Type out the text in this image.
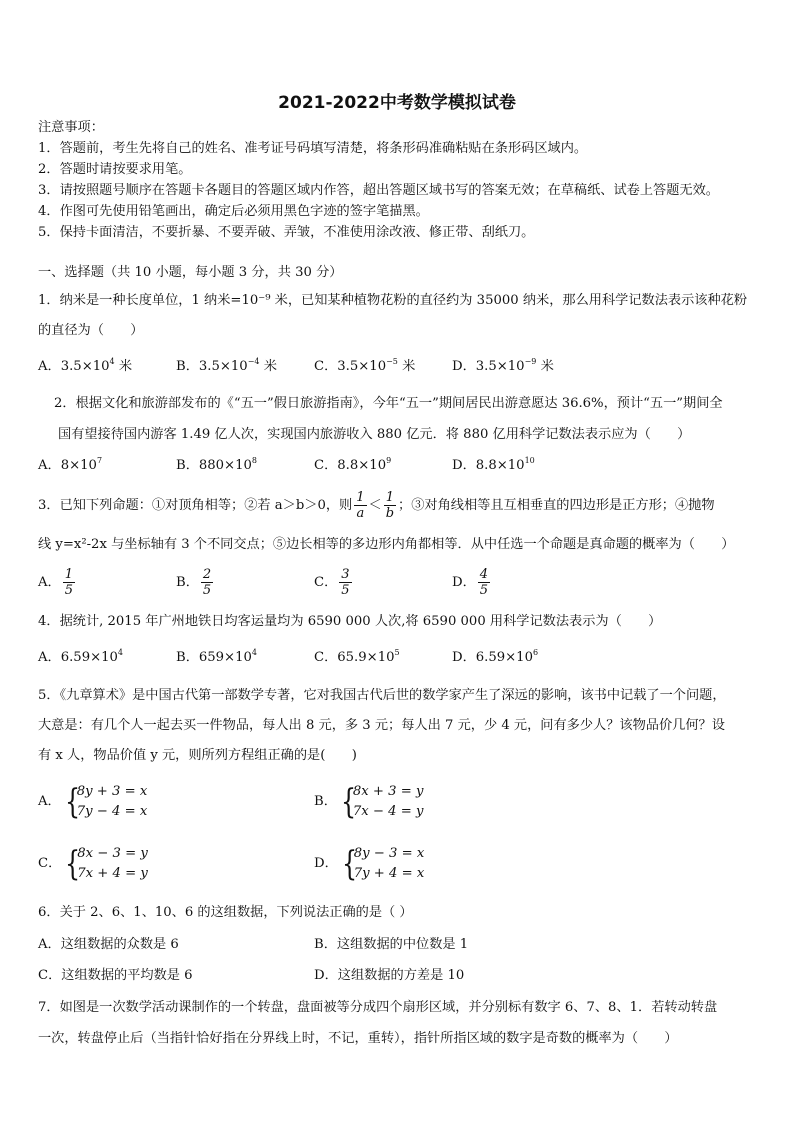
2021-2022中考数学模拟试卷
注意事项：
1．答题前，考生先将自己的姓名、准考证号码填写清楚，将条形码准确粘贴在条形码区域内。
2．答题时请按要求用笔。
3．请按照题号顺序在答题卡各题目的答题区域内作答，超出答题区域书写的答案无效；在草稿纸、试卷上答题无效。
4．作图可先使用铅笔画出，确定后必须用黑色字迹的签字笔描黑。
5．保持卡面清洁，不要折暴、不要弄破、弄皱，不准使用涂改液、修正带、刮纸刀。
一、选择题（共 10 小题，每小题 3 分，共 30 分）
1．纳米是一种长度单位，1 纳米=10⁻⁹ 米，已知某种植物花粉的直径约为 35000 纳米，那么用科学记数法表示该种花粉
的直径为（　　）
A．$3.5\times 10^4$ 米	B．$3.5\times 10^{-4}$ 米	C．$3.5\times 10^{-5}$ 米	D．$3.5\times 10^{-9}$ 米
2．根据文化和旅游部发布的《“五一”假日旅游指南》，今年“五一”期间居民出游意愿达 36.6%，预计“五一”期间全
国有望接待国内游客 1.49 亿人次，实现国内旅游收入 880 亿元．将 880 亿用科学记数法表示应为（　　）
A．$8\times 10^7$	B．$880\times 10^8$	C．$8.8\times 10^9$	D．$8.8\times 10^{10}$
3．已知下列命题：①对顶角相等；②若 a＞b＞0，则 $\frac{1}{a} < \frac{1}{b}$ ；③对角线相等且互相垂直的四边形是正方形；④抛物
线 y=x²-2x 与坐标轴有 3 个不同交点；⑤边长相等的多边形内角都相等．从中任选一个命题是真命题的概率为（　　）
A． $\frac{1}{5}$	B． $\frac{2}{5}$	C． $\frac{3}{5}$	D． $\frac{4}{5}$
4．据统计, 2015 年广州地铁日均客运量均为 6590 000 人次,将 6590 000 用科学记数法表示为（　　）
A．$6.59\times 10^4$	B．$659\times 10^4$	C．$65.9\times 10^5$	D．$6.59\times 10^6$
5．《九章算术》是中国古代第一部数学专著，它对我国古代后世的数学家产生了深远的影响，该书中记载了一个问题，
大意是：有几个人一起去买一件物品，每人出 8 元，多 3 元；每人出 7 元，少 4 元，问有多少人？该物品价几何？设
有 x 人，物品价值 y 元，则所列方程组正确的是(　　)
A． {
8y + 3 = x
7y − 4 = x
B． {
8x + 3 = y
7x − 4 = y
C． {
8x − 3 = y
7x + 4 = y
D． {
8y − 3 = x
7y + 4 = x
6．关于 2、6、1、10、6 的这组数据，下列说法正确的是（ ）
A．这组数据的众数是 6	B．这组数据的中位数是 1
C．这组数据的平均数是 6	D．这组数据的方差是 10
7．如图是一次数学活动课制作的一个转盘，盘面被等分成四个扇形区域，并分别标有数字 6、7、8、1．若转动转盘
一次，转盘停止后（当指针恰好指在分界线上时，不记，重转），指针所指区域的数字是奇数的概率为（　　）
